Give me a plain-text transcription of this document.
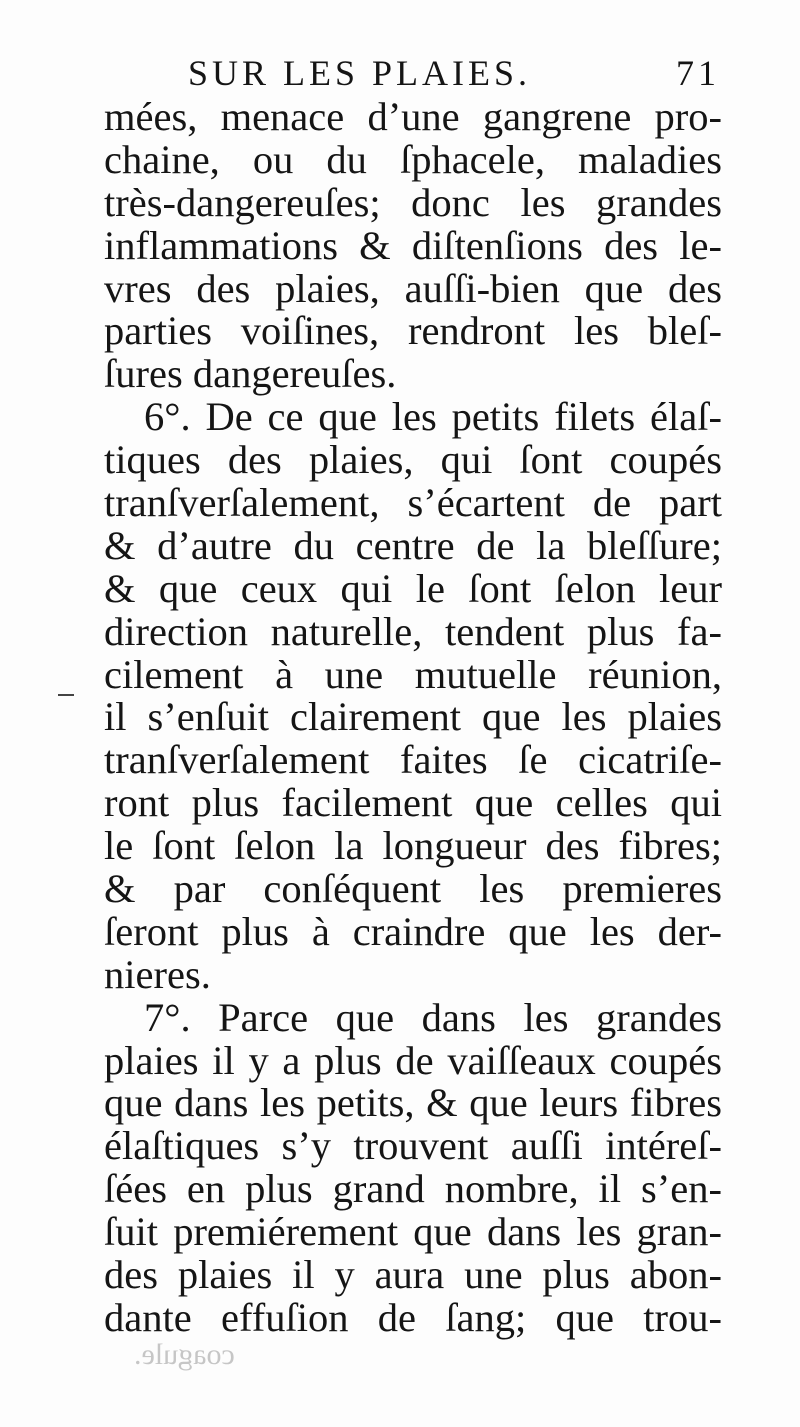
SUR LES PLAIES.	71
mées, menace d’une gangrene pro-
chaine, ou du ſphacele, maladies
très-dangereuſes; donc les grandes
inflammations & diſtenſions des le-
vres des plaies, auſſi-bien que des
parties voiſines, rendront les bleſ-
ſures dangereuſes.
6°. De ce que les petits filets élaſ-
tiques des plaies, qui ſont coupés
tranſverſalement, s’écartent de part
& d’autre du centre de la bleſſure;
& que ceux qui le ſont ſelon leur
direction naturelle, tendent plus fa-
cilement à une mutuelle réunion,
il s’enſuit clairement que les plaies
tranſverſalement faites ſe cicatriſe-
ront plus facilement que celles qui
le ſont ſelon la longueur des fibres;
& par conſéquent les premieres
ſeront plus à craindre que les der-
nieres.
7°. Parce que dans les grandes
plaies il y a plus de vaiſſeaux coupés
que dans les petits, & que leurs fibres
élaſtiques s’y trouvent auſſi intéreſ-
ſées en plus grand nombre, il s’en-
ſuit premiérement que dans les gran-
des plaies il y aura une plus abon-
dante effuſion de ſang; que trou-
coagule.
